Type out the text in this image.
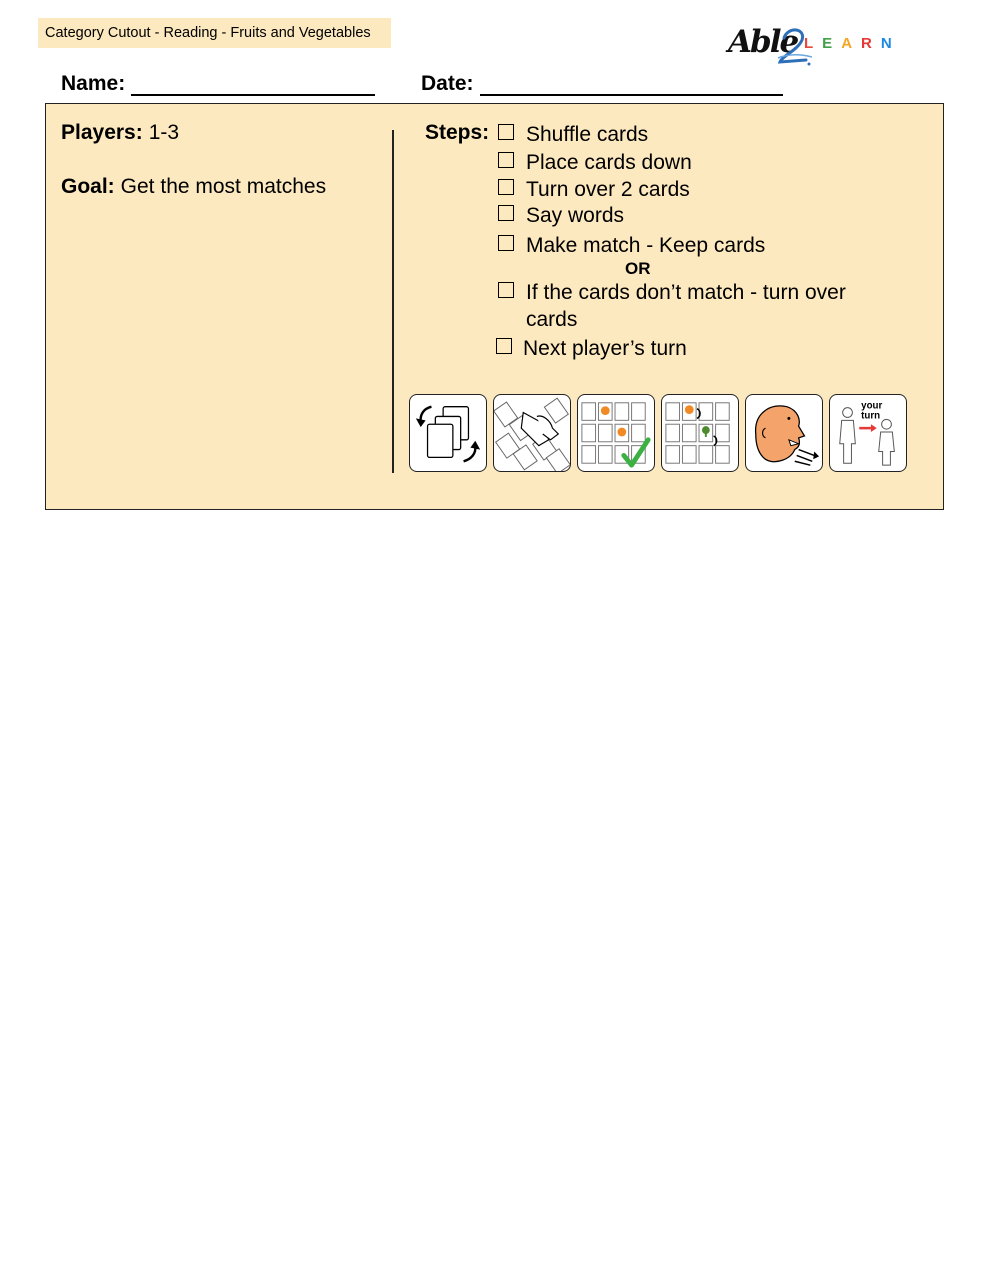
Category Cutout - Reading - Fruits and Vegetables	Able LEARN
Name:	Date:
Players: 1-3
Goal: Get the most matches
Steps: Shuffle cards
Place cards down
Turn over 2 cards
Say words
Make match - Keep cards
OR
If the cards don’t match - turn over
cards
Next player’s turn
your
turn
